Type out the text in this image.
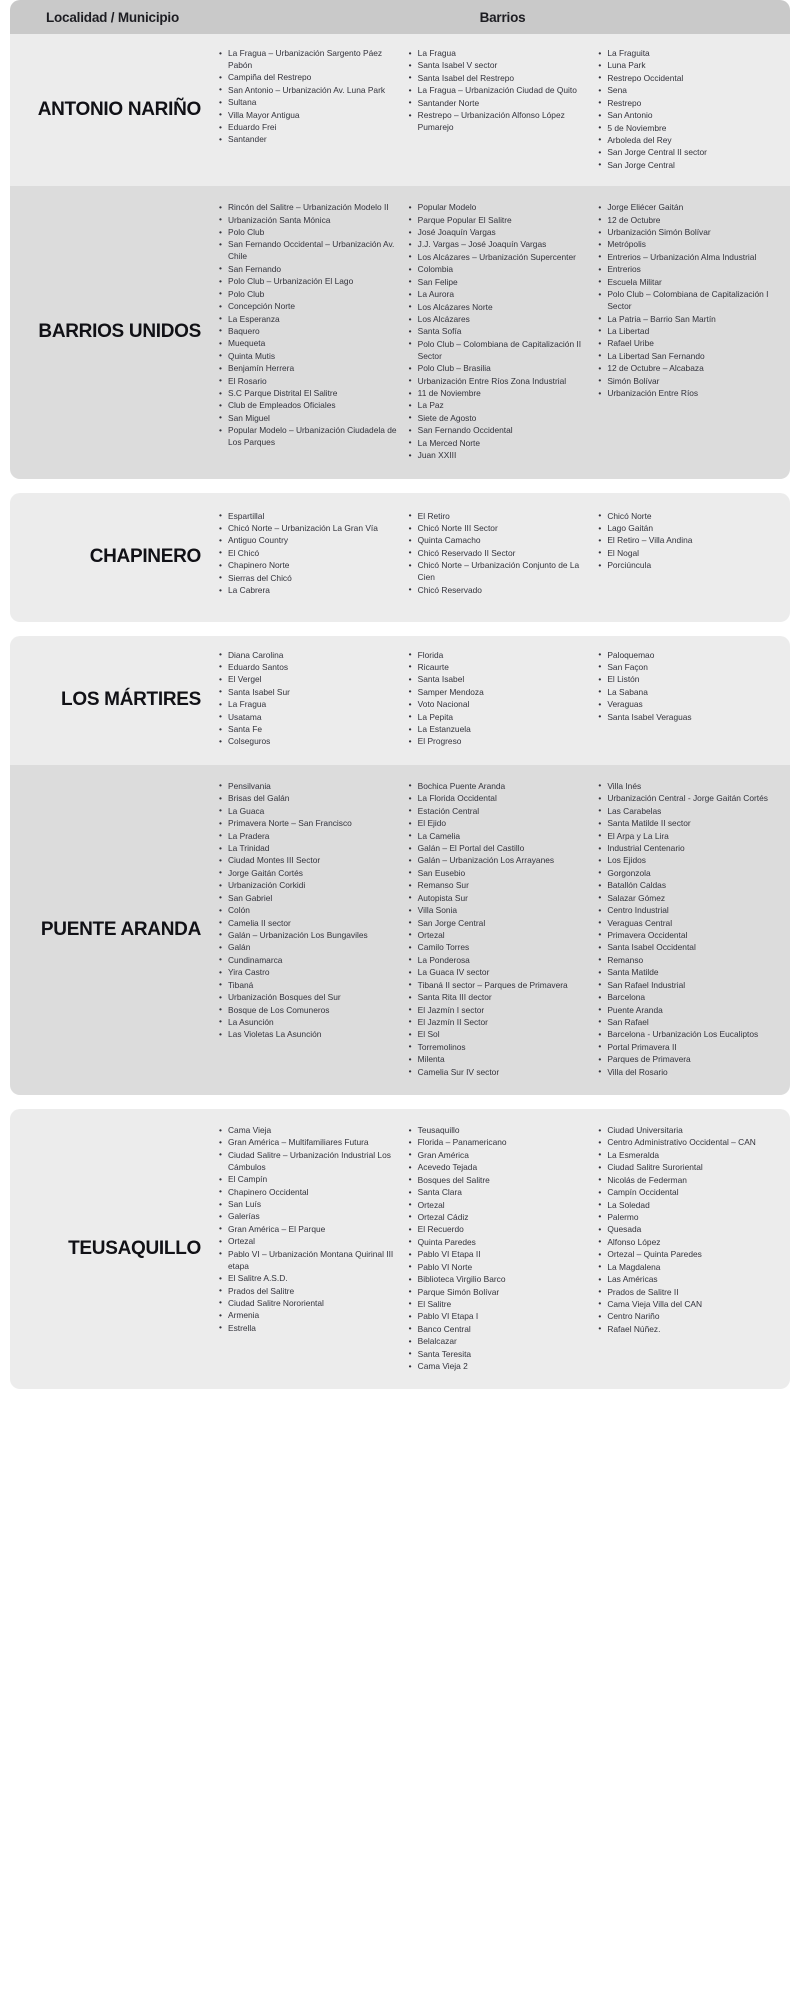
Localidad / Municipio	Barrios
ANTONIO NARIÑO
• La Fragua – Urbanización Sargento Páez Pabón
• Campiña del Restrepo
• San Antonio – Urbanización Av. Luna Park
• Sultana
• Villa Mayor Antigua
• Eduardo Frei
• Santander
• La Fragua
• Santa Isabel V sector
• Santa Isabel del Restrepo
• La Fragua – Urbanización Ciudad de Quito
• Santander Norte
• Restrepo – Urbanización Alfonso López Pumarejo
• La Fraguita
• Luna Park
• Restrepo Occidental
• Sena
• Restrepo
• San Antonio
• 5 de Noviembre
• Arboleda del Rey
• San Jorge Central II sector
• San Jorge Central
BARRIOS UNIDOS
• Rincón del Salitre – Urbanización Modelo II
• Urbanización Santa Mónica
• Polo Club
• San Fernando Occidental – Urbanización Av. Chile
• San Fernando
• Polo Club – Urbanización El Lago
• Polo Club
• Concepción Norte
• La Esperanza
• Baquero
• Muequeta
• Quinta Mutis
• Benjamín Herrera
• El Rosario
• S.C Parque Distrital El Salitre
• Club de Empleados Oficiales
• San Miguel
• Popular Modelo – Urbanización Ciudadela de Los Parques
• Popular Modelo
• Parque Popular El Salitre
• José Joaquín Vargas
• J.J. Vargas – José Joaquín Vargas
• Los Alcázares – Urbanización Supercenter
• Colombia
• San Felipe
• La Aurora
• Los Alcázares Norte
• Los Alcázares
• Santa Sofía
• Polo Club – Colombiana de Capitalización II Sector
• Polo Club – Brasilia
• Urbanización Entre Ríos Zona Industrial
• 11 de Noviembre
• La Paz
• Siete de Agosto
• San Fernando Occidental
• La Merced Norte
• Juan XXIII
• Jorge Eliécer Gaitán
• 12 de Octubre
• Urbanización Simón Bolívar
• Metrópolis
• Entrerios – Urbanización Alma Industrial
• Entrerios
• Escuela Militar
• Polo Club – Colombiana de Capitalización I Sector
• La Patria – Barrio San Martín
• La Libertad
• Rafael Uribe
• La Libertad San Fernando
• 12 de Octubre – Alcabaza
• Simón Bolívar
• Urbanización Entre Ríos
CHAPINERO
• Espartillal
• Chicó Norte – Urbanización La Gran Vía
• Antiguo Country
• El Chicó
• Chapinero Norte
• Sierras del Chicó
• La Cabrera
• El Retiro
• Chicó Norte III Sector
• Quinta Camacho
• Chicó Reservado II Sector
• Chicó Norte – Urbanización Conjunto de La Cien
• Chicó Reservado
• Chicó Norte
• Lago Gaitán
• El Retiro – Villa Andina
• El Nogal
• Porciúncula
LOS MÁRTIRES
• Diana Carolina
• Eduardo Santos
• El Vergel
• Santa Isabel Sur
• La Fragua
• Usatama
• Santa Fe
• Colseguros
• Florida
• Ricaurte
• Santa Isabel
• Samper Mendoza
• Voto Nacional
• La Pepita
• La Estanzuela
• El Progreso
• Paloquemao
• San Façon
• El Listón
• La Sabana
• Veraguas
• Santa Isabel Veraguas
PUENTE ARANDA
• Pensilvania
• Brisas del Galán
• La Guaca
• Primavera Norte – San Francisco
• La Pradera
• La Trinidad
• Ciudad Montes III Sector
• Jorge Gaitán Cortés
• Urbanización Corkidi
• San Gabriel
• Colón
• Camelia II sector
• Galán – Urbanización Los Bungaviles
• Galán
• Cundinamarca
• Yira Castro
• Tibaná
• Urbanización Bosques del Sur
• Bosque de Los Comuneros
• La Asunción
• Las Violetas La Asunción
• Bochica Puente Aranda
• La Florida Occidental
• Estación Central
• El Ejido
• La Camelia
• Galán – El Portal del Castillo
• Galán – Urbanización Los Arrayanes
• San Eusebio
• Remanso Sur
• Autopista Sur
• Villa Sonia
• San Jorge Central
• Ortezal
• Camilo Torres
• La Ponderosa
• La Guaca IV sector
• Tibaná II sector – Parques de Primavera
• Santa Rita III dector
• El Jazmín I sector
• El Jazmín II Sector
• El Sol
• Torremolinos
• Milenta
• Camelia Sur IV sector
• Villa Inés
• Urbanización Central - Jorge Gaitán Cortés
• Las Carabelas
• Santa Matilde II sector
• El Arpa y La Lira
• Industrial Centenario
• Los Ejidos
• Gorgonzola
• Batallón Caldas
• Salazar Gómez
• Centro Industrial
• Veraguas Central
• Primavera Occidental
• Santa Isabel Occidental
• Remanso
• Santa Matilde
• San Rafael Industrial
• Barcelona
• Puente Aranda
• San Rafael
• Barcelona - Urbanización Los Eucaliptos
• Portal Primavera II
• Parques de Primavera
• Villa del Rosario
TEUSAQUILLO
• Cama Vieja
• Gran América – Multifamiliares Futura
• Ciudad Salitre – Urbanización Industrial Los Cámbulos
• El Campín
• Chapinero Occidental
• San Luís
• Galerías
• Gran América – El Parque
• Ortezal
• Pablo VI – Urbanización Montana Quirinal III etapa
• El Salitre A.S.D.
• Prados del Salitre
• Ciudad Salitre Nororiental
• Armenia
• Estrella
• Teusaquillo
• Florida – Panamericano
• Gran América
• Acevedo Tejada
• Bosques del Salitre
• Santa Clara
• Ortezal
• Ortezal Cádiz
• El Recuerdo
• Quinta Paredes
• Pablo VI Etapa II
• Pablo VI Norte
• Biblioteca Virgilio Barco
• Parque Simón Bolívar
• El Salitre
• Pablo VI Etapa I
• Banco Central
• Belalcazar
• Santa Teresita
• Cama Vieja 2
• Ciudad Universitaria
• Centro Administrativo Occidental – CAN
• La Esmeralda
• Ciudad Salitre Suroriental
• Nicolás de Federman
• Campín Occidental
• La Soledad
• Palermo
• Quesada
• Alfonso López
• Ortezal – Quinta Paredes
• La Magdalena
• Las Américas
• Prados de Salitre II
• Cama Vieja Villa del CAN
• Centro Nariño
• Rafael Núñez.
